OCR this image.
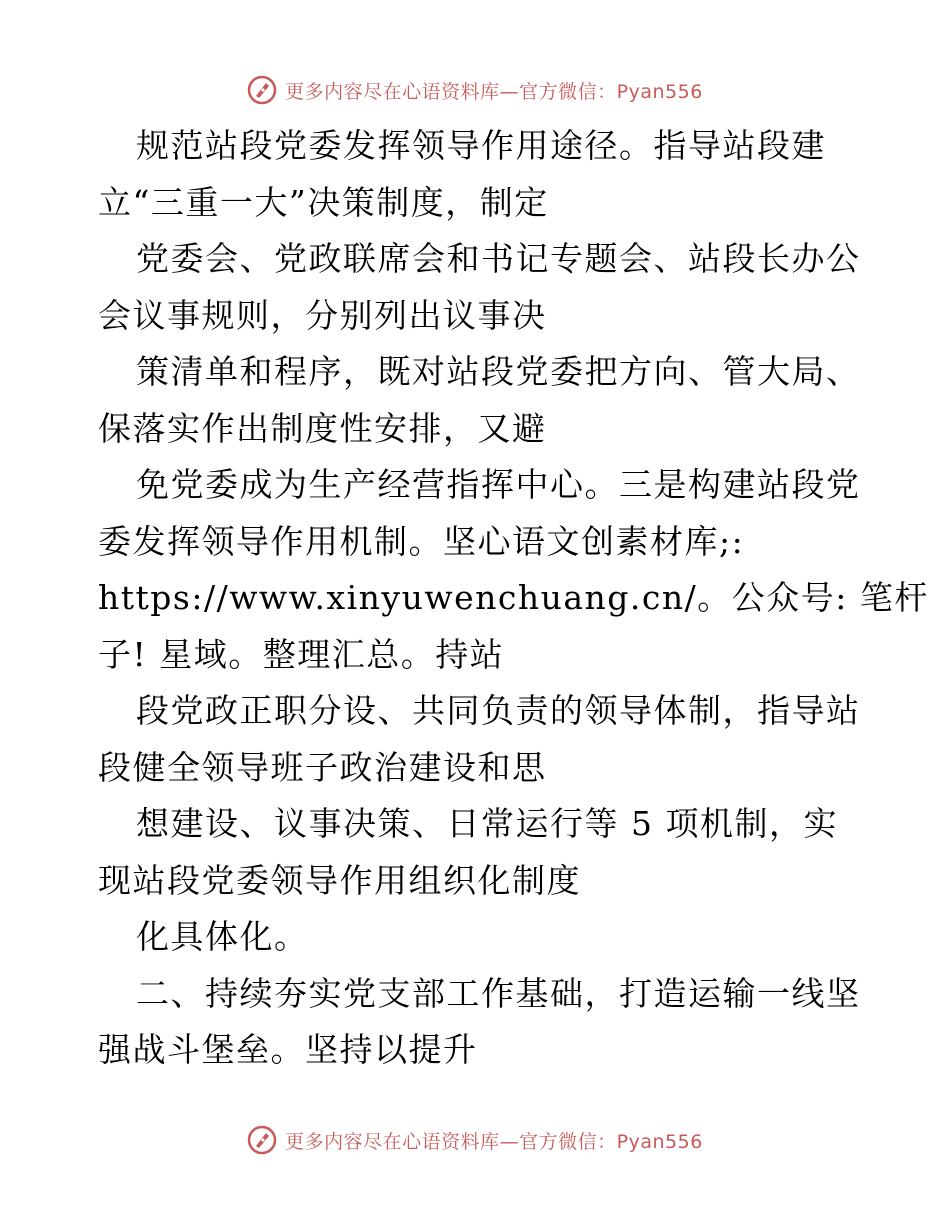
更多内容尽在心语资料库—官方微信：Pyan556
规范站段党委发挥领导作用途径。指导站段建
立“三重一大”决策制度，制定
党委会、党政联席会和书记专题会、站段长办公
会议事规则，分别列出议事决
策清单和程序，既对站段党委把方向、管大局、
保落实作出制度性安排，又避
免党委成为生产经营指挥中心。三是构建站段党
委发挥领导作用机制。坚心语文创素材库;:
https://www.xinyuwenchuang.cn/。公众号: 笔杆
子! 星域。整理汇总。持站
段党政正职分设、共同负责的领导体制，指导站
段健全领导班子政治建设和思
想建设、议事决策、日常运行等 5 项机制，实
现站段党委领导作用组织化制度
化具体化。
二、持续夯实党支部工作基础，打造运输一线坚
强战斗堡垒。坚持以提升
更多内容尽在心语资料库—官方微信：Pyan556
